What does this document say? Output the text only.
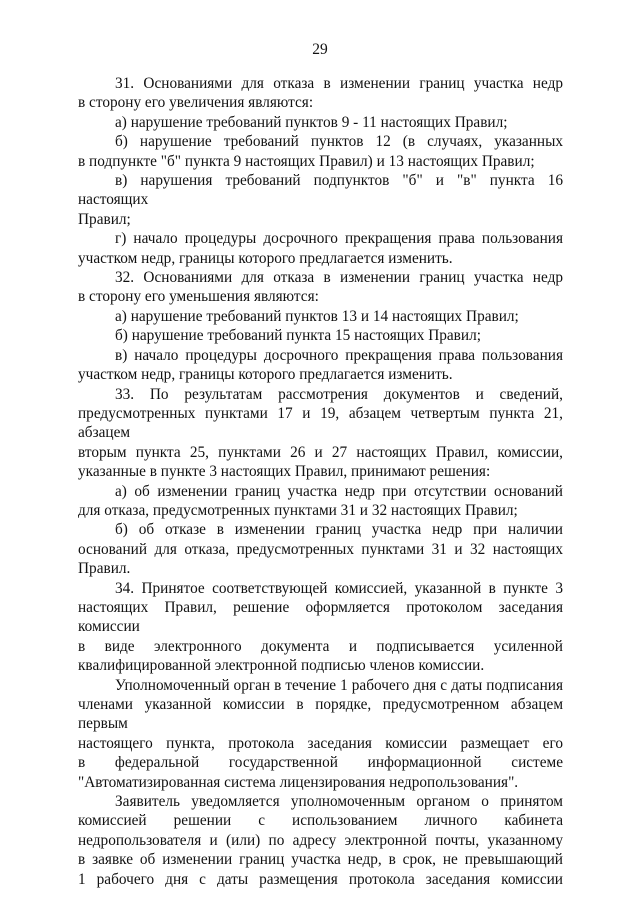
29

31. Основаниями для отказа в изменении границ участка недр

в сторону его увеличения являются:

а) нарушение требований пунктов 9 - 11 настоящих Правил;

б) нарушение требований пунктов 12 (в случаях, указанных

в подпункте "б" пункта 9 настоящих Правил) и 13 настоящих Правил;

в) нарушения требований подпунктов "б" и "в" пункта 16 настоящих

Правил;

г) начало процедуры досрочного прекращения права пользования

участком недр, границы которого предлагается изменить.

32. Основаниями для отказа в изменении границ участка недр

в сторону его уменьшения являются:

а) нарушение требований пунктов 13 и 14 настоящих Правил;

б) нарушение требований пункта 15 настоящих Правил;

в) начало процедуры досрочного прекращения права пользования

участком недр, границы которого предлагается изменить.

33. По результатам рассмотрения документов и сведений,

предусмотренных пунктами 17 и 19, абзацем четвертым пункта 21, абзацем

вторым пункта 25, пунктами 26 и 27 настоящих Правил, комиссии,

указанные в пункте 3 настоящих Правил, принимают решения:

а) об изменении границ участка недр при отсутствии оснований

для отказа, предусмотренных пунктами 31 и 32 настоящих Правил;

б) об отказе в изменении границ участка недр при наличии

оснований для отказа, предусмотренных пунктами 31 и 32 настоящих

Правил.

34. Принятое соответствующей комиссией, указанной в пункте 3

настоящих Правил, решение оформляется протоколом заседания комиссии

в виде электронного документа и подписывается усиленной

квалифицированной электронной подписью членов комиссии.

Уполномоченный орган в течение 1 рабочего дня с даты подписания

членами указанной комиссии в порядке, предусмотренном абзацем первым

настоящего пункта, протокола заседания комиссии размещает его

в федеральной государственной информационной системе

"Автоматизированная система лицензирования недропользования".

Заявитель уведомляется уполномоченным органом о принятом

комиссией решении с использованием личного кабинета

недропользователя и (или) по адресу электронной почты, указанному

в заявке об изменении границ участка недр, в срок, не превышающий

1 рабочего дня с даты размещения протокола заседания комиссии
